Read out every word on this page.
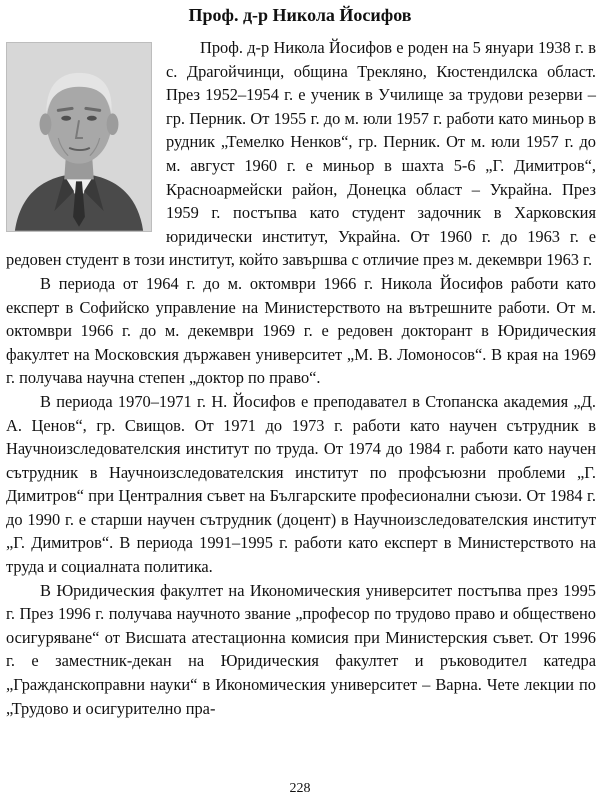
Проф. д-р Никола Йосифов

Проф. д-р Никола Йосифов е роден на 5 януари 1938 г. в с. Драгойчинци, община Трекляно, Кюстендилска област. През 1952–1954 г. е ученик в Училище за трудови резерви – гр. Перник. От 1955 г. до м. юли 1957 г. работи като миньор в рудник „Темелко Ненков“, гр. Перник. От м. юли 1957 г. до м. август 1960 г. е миньор в шахта 5-6 „Г. Димитров“, Красноармейски район, Донецка област – Украйна. През 1959 г. постъпва като студент задочник в Харковския юридически институт, Украйна. От 1960 г. до 1963 г. е редовен студент в този институт, който завършва с отличие през м. декември 1963 г.

В периода от 1964 г. до м. октомври 1966 г. Никола Йосифов работи като експерт в Софийско управление на Министерството на вътрешните работи. От м. октомври 1966 г. до м. декември 1969 г. е редовен докторант в Юридическия факултет на Московския държавен университет „М. В. Ломоносов“. В края на 1969 г. получава научна степен „доктор по право“.

В периода 1970–1971 г. Н. Йосифов е преподавател в Стопанска академия „Д. А. Ценов“, гр. Свищов. От 1971 до 1973 г. работи като научен сътрудник в Научноизследователския институт по труда. От 1974 до 1984 г. работи като научен сътрудник в Научноизследователския институт по профсъюзни проблеми „Г. Димитров“ при Централния съвет на Българските професионални съюзи. От 1984 г. до 1990 г. е старши научен сътрудник (доцент) в Научноизследователския институт „Г. Димитров“. В периода 1991–1995 г. работи като експерт в Министерството на труда и социалната политика.

В Юридическия факултет на Икономическия университет постъпва през 1995 г. През 1996 г. получава научното звание „професор по трудово право и обществено осигуряване“ от Висшата атестационна комисия при Министерския съвет. От 1996 г. е заместник-декан на Юридическия факултет и ръководител катедра „Гражданскоправни науки“ в Икономическия университет – Варна. Чете лекции по „Трудово и осигурително пра-

228
